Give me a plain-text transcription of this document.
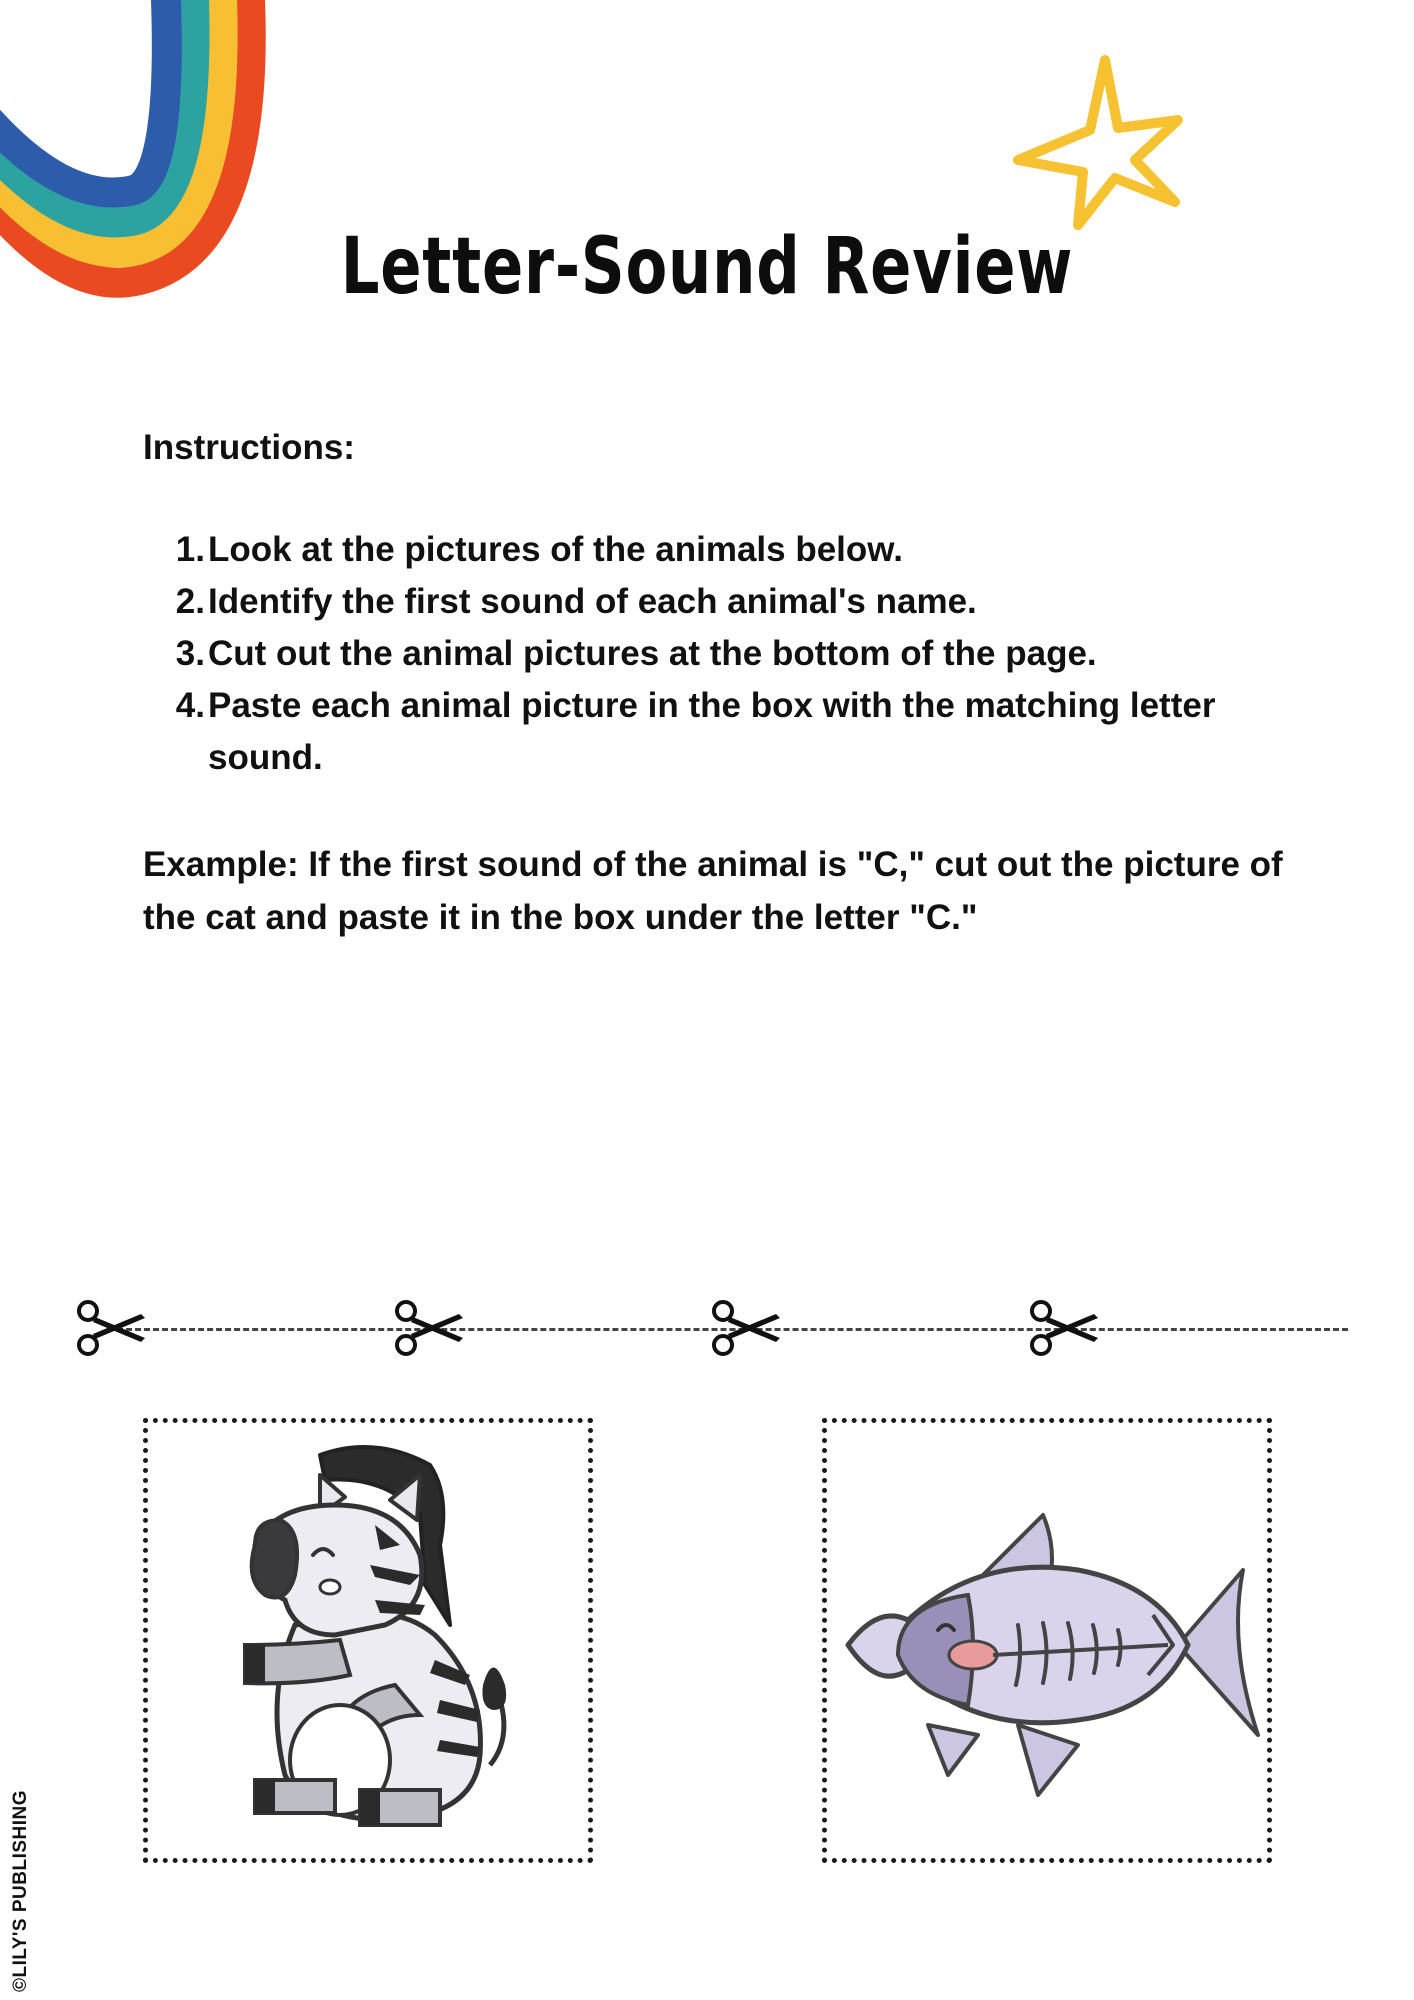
Letter-Sound Review
Instructions:
1. Look at the pictures of the animals below.
2. Identify the first sound of each animal's name.
3. Cut out the animal pictures at the bottom of the page.
4. Paste each animal picture in the box with the matching letter sound.
Example: If the first sound of the animal is "C," cut out the picture of the cat and paste it in the box under the letter "C."
©LILY'S PUBLISHING
